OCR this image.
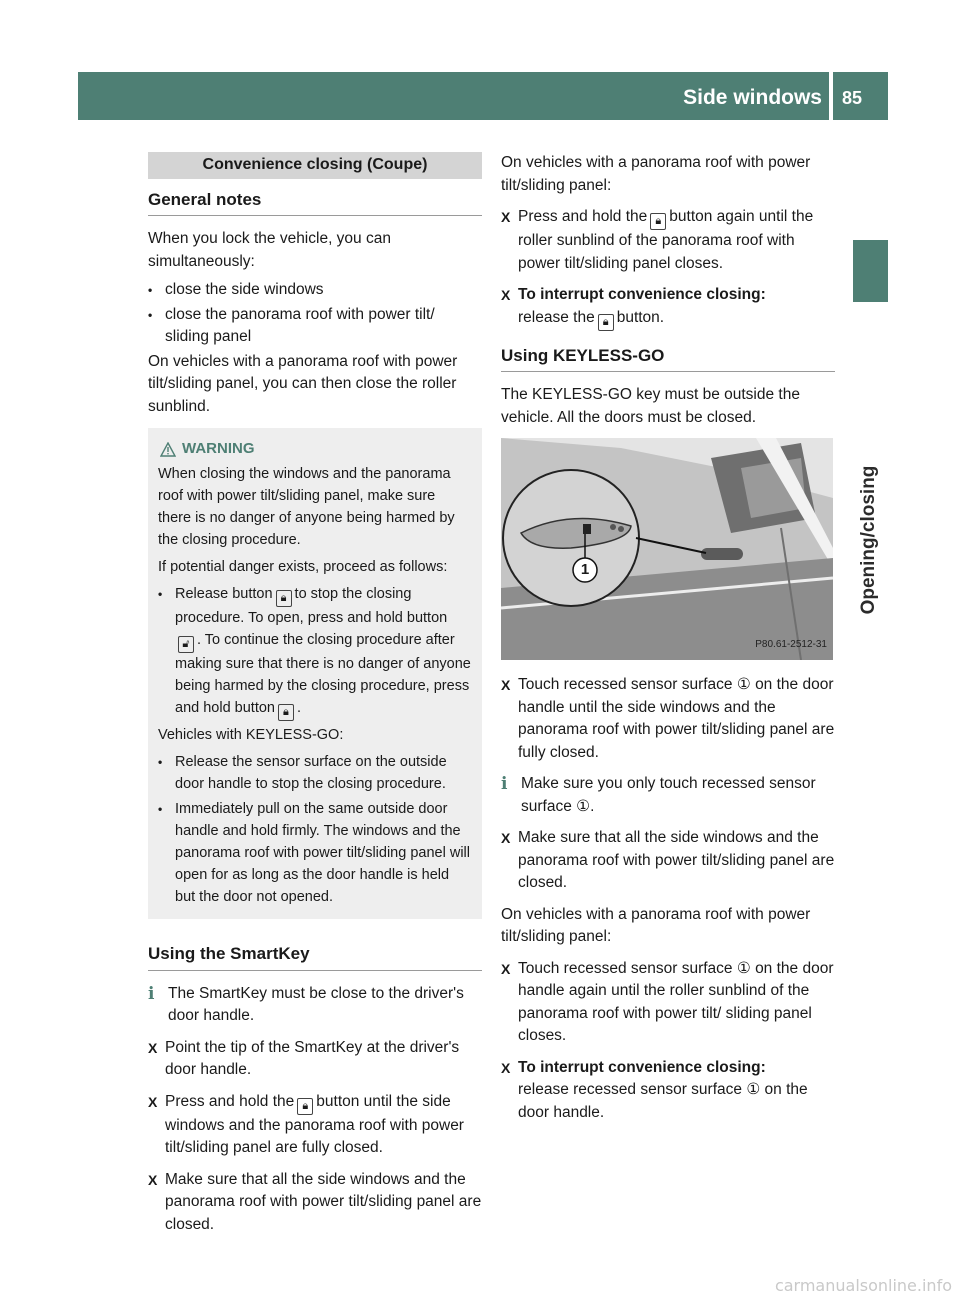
Side windows 85
Opening/closing
Convenience closing (Coupe)
General notes

When you lock the vehicle, you can simultaneously:

• close the side windows
• close the panorama roof with power tilt/ sliding panel

On vehicles with a panorama roof with power tilt/sliding panel, you can then close the roller sunblind.

WARNING

When closing the windows and the panorama roof with power tilt/sliding panel, make sure there is no danger of anyone being harmed by the closing procedure.

If potential danger exists, proceed as follows:

• Release button 🔒︎ to stop the closing procedure. To open, press and hold button 🔓︎ . To continue the closing procedure after making sure that there is no danger of anyone being harmed by the closing procedure, press and hold button 🔒︎ .

Vehicles with KEYLESS-GO:

• Release the sensor surface on the outside door handle to stop the closing procedure.
• Immediately pull on the same outside door handle and hold firmly. The windows and the panorama roof with power tilt/sliding panel will open for as long as the door handle is held but the door not opened.
Using the SmartKey
i The SmartKey must be close to the driver's door handle.
X Point the tip of the SmartKey at the driver's door handle.
X Press and hold the 🔒︎ button until the side windows and the panorama roof with power tilt/sliding panel are fully closed.
X Make sure that all the side windows and the panorama roof with power tilt/sliding panel are closed.

On vehicles with a panorama roof with power tilt/sliding panel:

X Press and hold the 🔒︎ button again until the roller sunblind of the panorama roof with power tilt/sliding panel closes.
X To interrupt convenience closing:
release the 🔒︎ button.
Using KEYLESS-GO

The KEYLESS-GO key must be outside the vehicle. All the doors must be closed.

1
P80.61-2512-31
X Touch recessed sensor surface ① on the door handle until the side windows and the panorama roof with power tilt/sliding panel are fully closed.
i Make sure you only touch recessed sensor surface ①.
X Make sure that all the side windows and the panorama roof with power tilt/sliding panel are closed.

On vehicles with a panorama roof with power tilt/sliding panel:

X Touch recessed sensor surface ① on the door handle again until the roller sunblind of the panorama roof with power tilt/ sliding panel closes.
X To interrupt convenience closing:
release recessed sensor surface ① on the door handle.
carmanualsonline.info
